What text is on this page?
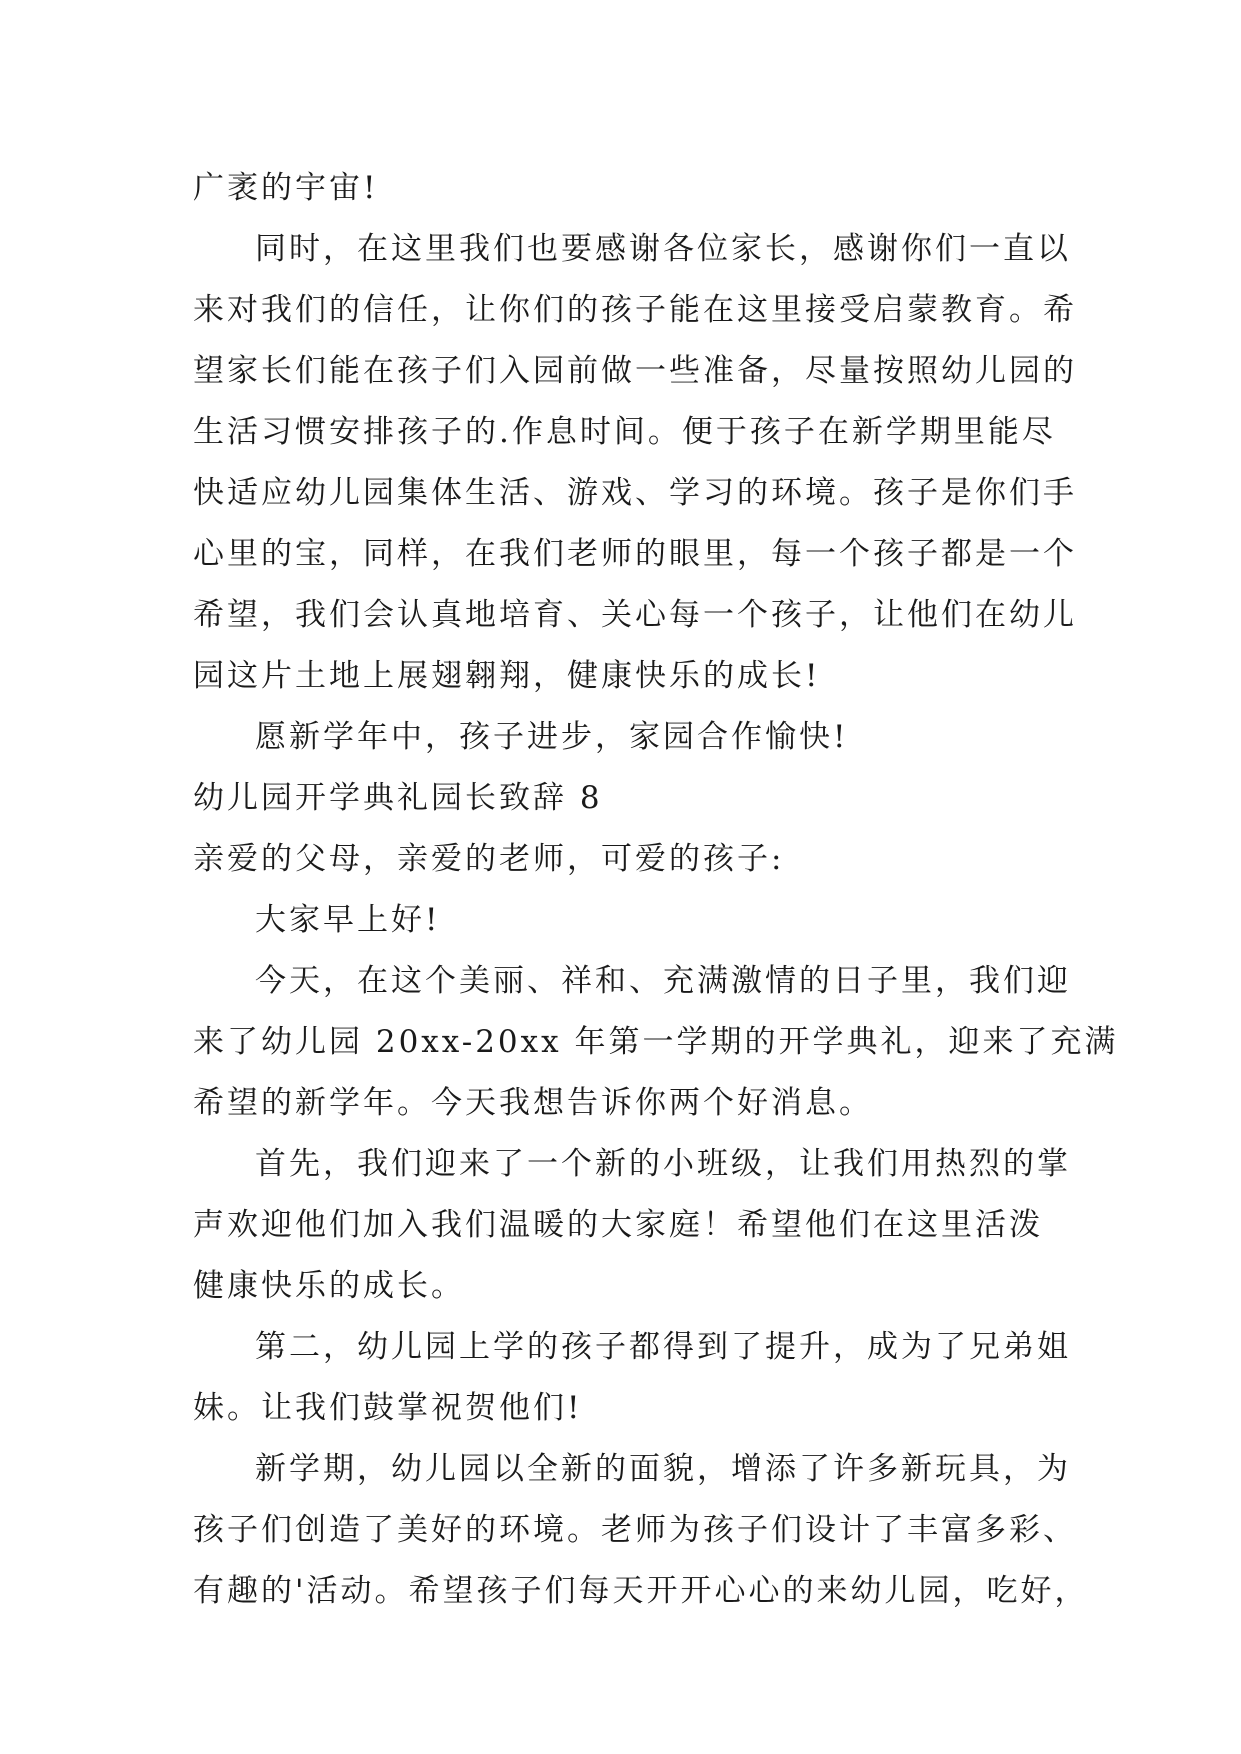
广袤的宇宙!
同时，在这里我们也要感谢各位家长，感谢你们一直以
来对我们的信任，让你们的孩子能在这里接受启蒙教育。希
望家长们能在孩子们入园前做一些准备，尽量按照幼儿园的
生活习惯安排孩子的.作息时间。便于孩子在新学期里能尽
快适应幼儿园集体生活、游戏、学习的环境。孩子是你们手
心里的宝，同样，在我们老师的眼里，每一个孩子都是一个
希望，我们会认真地培育、关心每一个孩子，让他们在幼儿
园这片土地上展翅翱翔，健康快乐的成长!
愿新学年中，孩子进步，家园合作愉快!
幼儿园开学典礼园长致辞 8
亲爱的父母，亲爱的老师，可爱的孩子:
大家早上好!
今天，在这个美丽、祥和、充满激情的日子里，我们迎
来了幼儿园 20xx-20xx 年第一学期的开学典礼，迎来了充满
希望的新学年。今天我想告诉你两个好消息。
首先，我们迎来了一个新的小班级，让我们用热烈的掌
声欢迎他们加入我们温暖的大家庭！希望他们在这里活泼
健康快乐的成长。
第二，幼儿园上学的孩子都得到了提升，成为了兄弟姐
妹。让我们鼓掌祝贺他们!
新学期，幼儿园以全新的面貌，增添了许多新玩具，为
孩子们创造了美好的环境。老师为孩子们设计了丰富多彩、
有趣的'活动。希望孩子们每天开开心心的来幼儿园，吃好，
